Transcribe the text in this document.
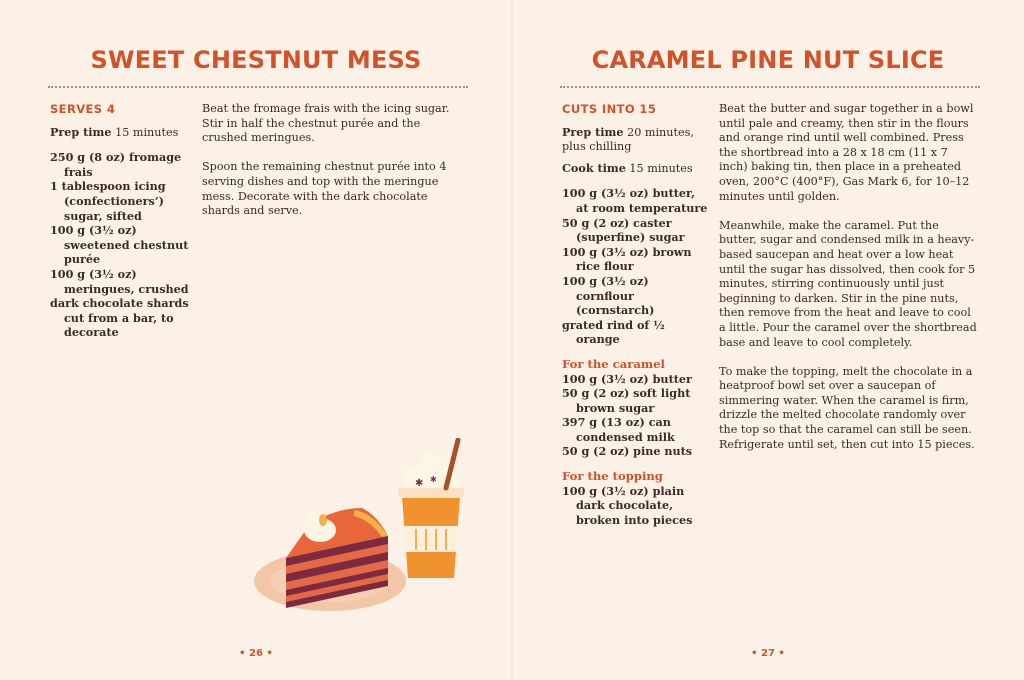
SWEET CHESTNUT MESS
SERVES 4
Prep time 15 minutes
250 g (8 oz) fromage frais
1 tablespoon icing (confectioners’) sugar, sifted
100 g (3½ oz) sweetened chestnut purée
100 g (3½ oz) meringues, crushed
dark chocolate shards cut from a bar, to decorate

Beat the fromage frais with the icing sugar. Stir in half the chestnut purée and the crushed meringues.

Spoon the remaining chestnut purée into 4 serving dishes and top with the meringue mess. Decorate with the dark chocolate shards and serve.

✱ ✱
• 26 •
CARAMEL PINE NUT SLICE
CUTS INTO 15
Prep time 20 minutes, plus chilling
Cook time 15 minutes
100 g (3½ oz) butter, at room temperature
50 g (2 oz) caster (superfine) sugar
100 g (3½ oz) brown rice flour
100 g (3½ oz) cornflour (cornstarch)
grated rind of ½ orange
For the caramel
100 g (3½ oz) butter
50 g (2 oz) soft light brown sugar
397 g (13 oz) can condensed milk
50 g (2 oz) pine nuts
For the topping
100 g (3½ oz) plain dark chocolate, broken into pieces

Beat the butter and sugar together in a bowl until pale and creamy, then stir in the flours and orange rind until well combined. Press the shortbread into a 28 x 18 cm (11 x 7 inch) baking tin, then place in a preheated oven, 200°C (400°F), Gas Mark 6, for 10–12 minutes until golden.

Meanwhile, make the caramel. Put the butter, sugar and condensed milk in a heavy-based saucepan and heat over a low heat until the sugar has dissolved, then cook for 5 minutes, stirring continuously until just beginning to darken. Stir in the pine nuts, then remove from the heat and leave to cool a little. Pour the caramel over the shortbread base and leave to cool completely.

To make the topping, melt the chocolate in a heatproof bowl set over a saucepan of simmering water. When the caramel is firm, drizzle the melted chocolate randomly over the top so that the caramel can still be seen. Refrigerate until set, then cut into 15 pieces.

• 27 •
